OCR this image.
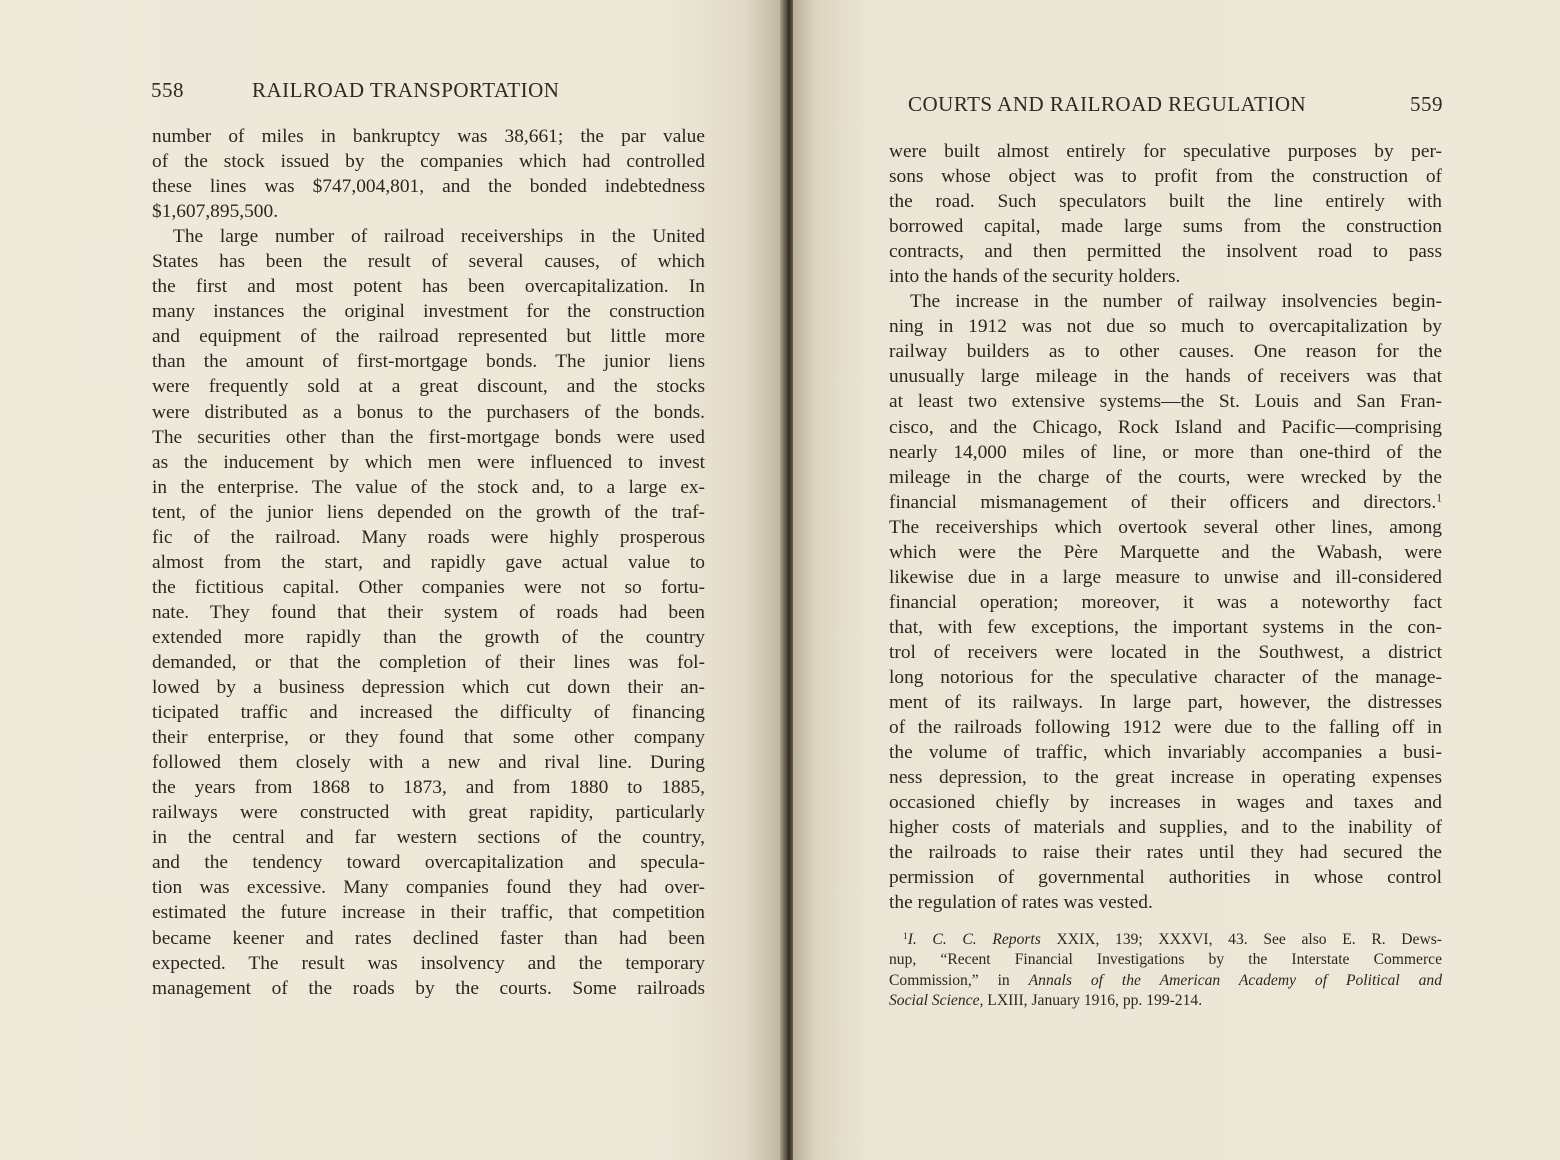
558	RAILROAD TRANSPORTATION
number of miles in bankruptcy was 38,661; the par value
of the stock issued by the companies which had controlled
these lines was $747,004,801, and the bonded indebtedness
$1,607,895,500.
The large number of railroad receiverships in the United
States has been the result of several causes, of which
the first and most potent has been overcapitalization. In
many instances the original investment for the construction
and equipment of the railroad represented but little more
than the amount of first-mortgage bonds. The junior liens
were frequently sold at a great discount, and the stocks
were distributed as a bonus to the purchasers of the bonds.
The securities other than the first-mortgage bonds were used
as the inducement by which men were influenced to invest
in the enterprise. The value of the stock and, to a large ex-
tent, of the junior liens depended on the growth of the traf-
fic of the railroad. Many roads were highly prosperous
almost from the start, and rapidly gave actual value to
the fictitious capital. Other companies were not so fortu-
nate. They found that their system of roads had been
extended more rapidly than the growth of the country
demanded, or that the completion of their lines was fol-
lowed by a business depression which cut down their an-
ticipated traffic and increased the difficulty of financing
their enterprise, or they found that some other company
followed them closely with a new and rival line. During
the years from 1868 to 1873, and from 1880 to 1885,
railways were constructed with great rapidity, particularly
in the central and far western sections of the country,
and the tendency toward overcapitalization and specula-
tion was excessive. Many companies found they had over-
estimated the future increase in their traffic, that competition
became keener and rates declined faster than had been
expected. The result was insolvency and the temporary
management of the roads by the courts. Some railroads
COURTS AND RAILROAD REGULATION	559
were built almost entirely for speculative purposes by per-
sons whose object was to profit from the construction of
the road. Such speculators built the line entirely with
borrowed capital, made large sums from the construction
contracts, and then permitted the insolvent road to pass
into the hands of the security holders.
The increase in the number of railway insolvencies begin-
ning in 1912 was not due so much to overcapitalization by
railway builders as to other causes. One reason for the
unusually large mileage in the hands of receivers was that
at least two extensive systems—the St. Louis and San Fran-
cisco, and the Chicago, Rock Island and Pacific—comprising
nearly 14,000 miles of line, or more than one-third of the
mileage in the charge of the courts, were wrecked by the
financial mismanagement of their officers and directors.$^1$
The receiverships which overtook several other lines, among
which were the Père Marquette and the Wabash, were
likewise due in a large measure to unwise and ill-considered
financial operation; moreover, it was a noteworthy fact
that, with few exceptions, the important systems in the con-
trol of receivers were located in the Southwest, a district
long notorious for the speculative character of the manage-
ment of its railways. In large part, however, the distresses
of the railroads following 1912 were due to the falling off in
the volume of traffic, which invariably accompanies a busi-
ness depression, to the great increase in operating expenses
occasioned chiefly by increases in wages and taxes and
higher costs of materials and supplies, and to the inability of
the railroads to raise their rates until they had secured the
permission of governmental authorities in whose control
the regulation of rates was vested.
$^1$I. C. C. Reports XXIX, 139; XXXVI, 43. See also E. R. Dews-
nup, “Recent Financial Investigations by the Interstate Commerce
Commission,” in Annals of the American Academy of Political and
Social Science, LXIII, January 1916, pp. 199-214.
